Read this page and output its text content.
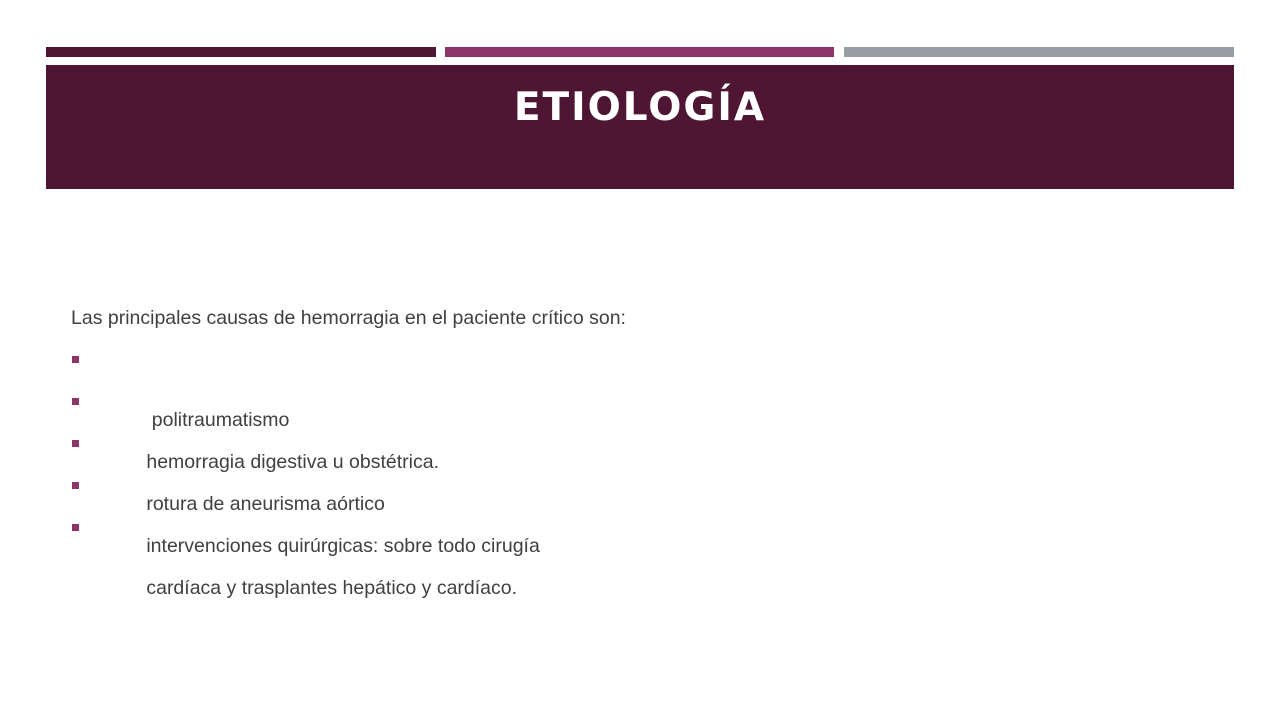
ETIOLOGÍA
Las principales causas de hemorragia en el paciente crítico son:

politraumatismo

hemorragia digestiva u obstétrica.

rotura de aneurisma aórtico

intervenciones quirúrgicas: sobre todo cirugía

cardíaca y trasplantes hepático y cardíaco.
